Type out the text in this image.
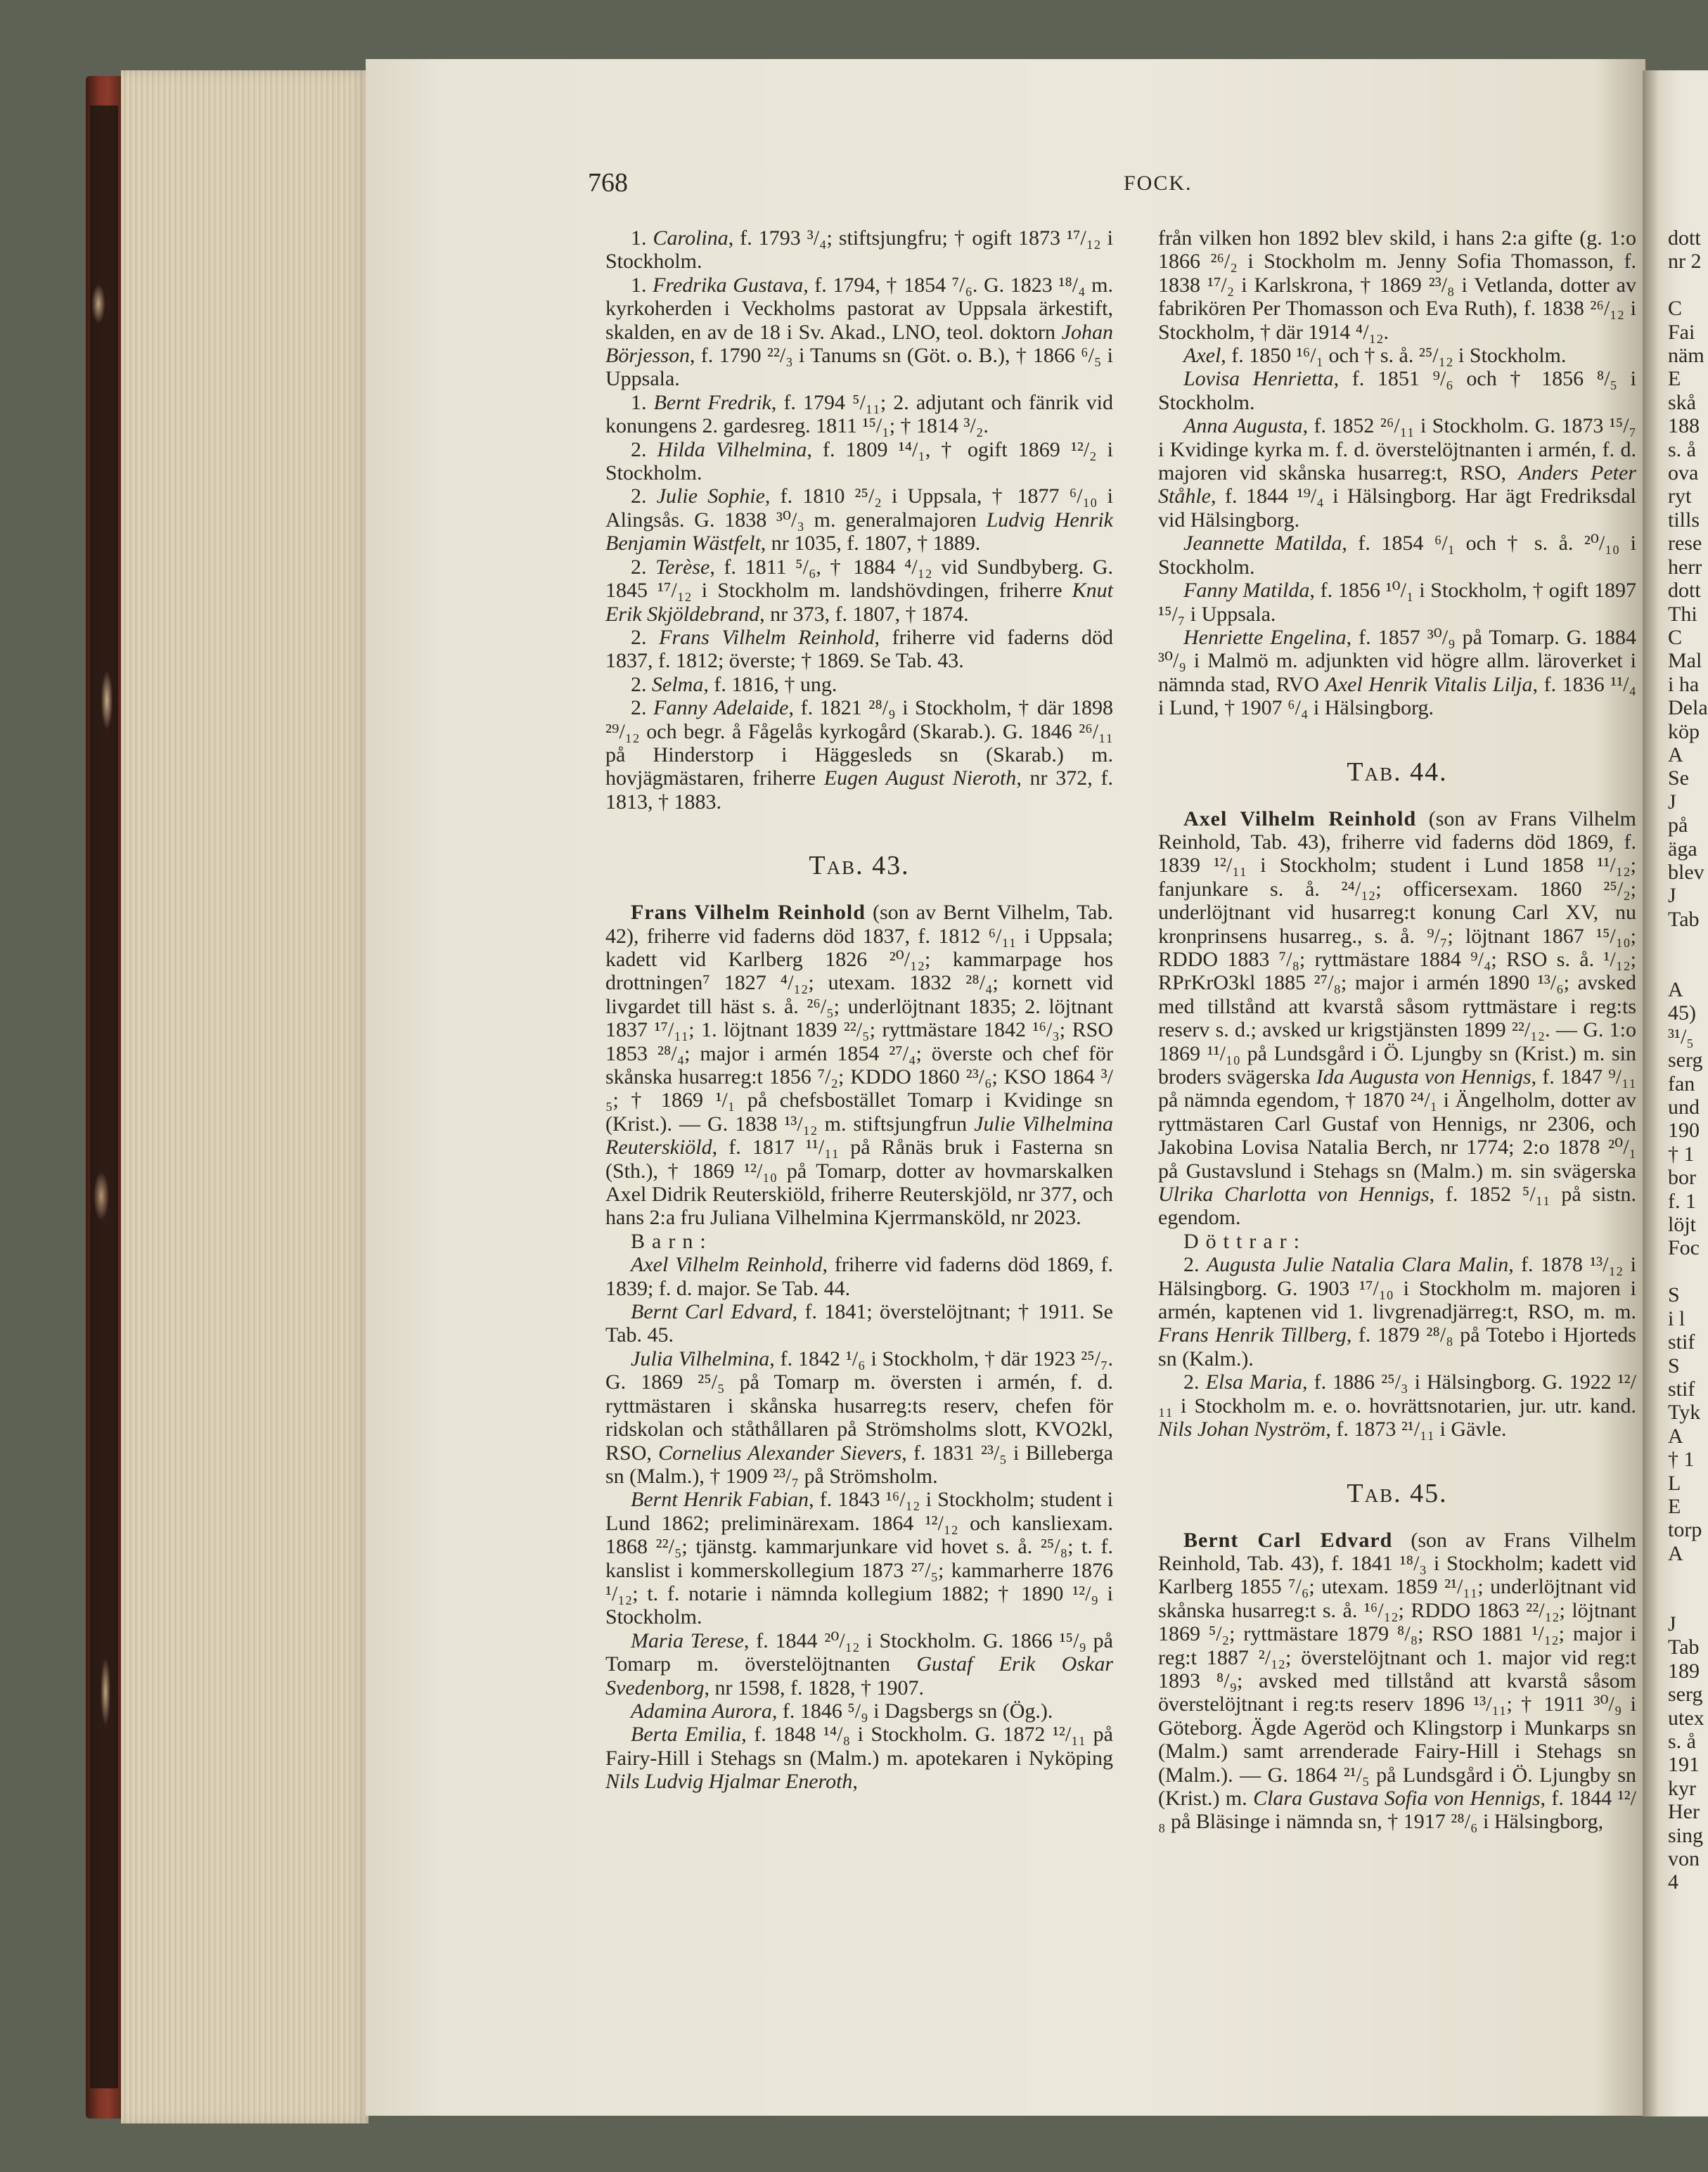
768	FOCK.

1. Carolina, f. 1793 ³/₄; stiftsjungfru; † ogift 1873 ¹⁷/₁₂ i Stockholm.

1. Fredrika Gustava, f. 1794, † 1854 ⁷/₆. G. 1823 ¹⁸/₄ m. kyrkoherden i Veckholms pastorat av Uppsala ärkestift, skalden, en av de 18 i Sv. Akad., LNO, teol. doktorn Johan Börjesson, f. 1790 ²²/₃ i Tanums sn (Göt. o. B.), † 1866 ⁶/₅ i Uppsala.

1. Bernt Fredrik, f. 1794 ⁵/₁₁; 2. adjutant och fänrik vid konungens 2. gardesreg. 1811 ¹⁵/₁; † 1814 ³/₂.

2. Hilda Vilhelmina, f. 1809 ¹⁴/₁, † ogift 1869 ¹²/₂ i Stockholm.

2. Julie Sophie, f. 1810 ²⁵/₂ i Uppsala, † 1877 ⁶/₁₀ i Alingsås. G. 1838 ³⁰/₃ m. generalmajoren Ludvig Henrik Benjamin Wästfelt, nr 1035, f. 1807, † 1889.

2. Terèse, f. 1811 ⁵/₆, † 1884 ⁴/₁₂ vid Sundbyberg. G. 1845 ¹⁷/₁₂ i Stockholm m. landshövdingen, friherre Knut Erik Skjöldebrand, nr 373, f. 1807, † 1874.

2. Frans Vilhelm Reinhold, friherre vid faderns död 1837, f. 1812; överste; † 1869. Se Tab. 43.

2. Selma, f. 1816, † ung.

2. Fanny Adelaide, f. 1821 ²⁸/₉ i Stockholm, † där 1898 ²⁹/₁₂ och begr. å Fågelås kyrkogård (Skarab.). G. 1846 ²⁶/₁₁ på Hinderstorp i Häggesleds sn (Skarab.) m. hovjägmästaren, friherre Eugen August Nieroth, nr 372, f. 1813, † 1883.

Tab. 43.

Frans Vilhelm Reinhold (son av Bernt Vilhelm, Tab. 42), friherre vid faderns död 1837, f. 1812 ⁶/₁₁ i Uppsala; kadett vid Karlberg 1826 ²⁰/₁₂; kammarpage hos drottningen⁷ 1827 ⁴/₁₂; utexam. 1832 ²⁸/₄; kornett vid livgardet till häst s. å. ²⁶/₅; underlöjtnant 1835; 2. löjtnant 1837 ¹⁷/₁₁; 1. löjtnant 1839 ²²/₅; ryttmästare 1842 ¹⁶/₃; RSO 1853 ²⁸/₄; major i armén 1854 ²⁷/₄; överste och chef för skånska husarreg:t 1856 ⁷/₂; KDDO 1860 ²³/₆; KSO 1864 ³/₅; † 1869 ¹/₁ på chefsbostället Tomarp i Kvidinge sn (Krist.). — G. 1838 ¹³/₁₂ m. stiftsjungfrun Julie Vilhelmina Reuterskiöld, f. 1817 ¹¹/₁₁ på Rånäs bruk i Fasterna sn (Sth.), † 1869 ¹²/₁₀ på Tomarp, dotter av hovmarskalken Axel Didrik Reuterskiöld, friherre Reuterskjöld, nr 377, och hans 2:a fru Juliana Vilhelmina Kjerrmansköld, nr 2023.

Barn:

Axel Vilhelm Reinhold, friherre vid faderns död 1869, f. 1839; f. d. major. Se Tab. 44.

Bernt Carl Edvard, f. 1841; överstelöjtnant; † 1911. Se Tab. 45.

Julia Vilhelmina, f. 1842 ¹/₆ i Stockholm, † där 1923 ²⁵/₇. G. 1869 ²⁵/₅ på Tomarp m. översten i armén, f. d. ryttmästaren i skånska husarreg:ts reserv, chefen för ridskolan och ståthållaren på Strömsholms slott, KVO2kl, RSO, Cornelius Alexander Sievers, f. 1831 ²³/₅ i Billeberga sn (Malm.), † 1909 ²³/₇ på Strömsholm.

Bernt Henrik Fabian, f. 1843 ¹⁶/₁₂ i Stockholm; student i Lund 1862; preliminärexam. 1864 ¹²/₁₂ och kansliexam. 1868 ²²/₅; tjänstg. kammarjunkare vid hovet s. å. ²⁵/₈; t. f. kanslist i kommerskollegium 1873 ²⁷/₅; kammarherre 1876 ¹/₁₂; t. f. notarie i nämnda kollegium 1882; † 1890 ¹²/₉ i Stockholm.

Maria Terese, f. 1844 ²⁰/₁₂ i Stockholm. G. 1866 ¹⁵/₉ på Tomarp m. överstelöjtnanten Gustaf Erik Oskar Svedenborg, nr 1598, f. 1828, † 1907.

Adamina Aurora, f. 1846 ⁵/₉ i Dagsbergs sn (Ög.).

Berta Emilia, f. 1848 ¹⁴/₈ i Stockholm. G. 1872 ¹²/₁₁ på Fairy-Hill i Stehags sn (Malm.) m. apotekaren i Nyköping Nils Ludvig Hjalmar Eneroth,

från vilken hon 1892 blev skild, i hans 2:a gifte (g. 1:o 1866 ²⁶/₂ i Stockholm m. Jenny Sofia Thomasson, f. 1838 ¹⁷/₂ i Karlskrona, † 1869 ²³/₈ i Vetlanda, dotter av fabrikören Per Thomasson och Eva Ruth), f. 1838 ²⁶/₁₂ i Stockholm, † där 1914 ⁴/₁₂.

Axel, f. 1850 ¹⁶/₁ och † s. å. ²⁵/₁₂ i Stockholm.

Lovisa Henrietta, f. 1851 ⁹/₆ och † 1856 ⁸/₅ i Stockholm.

Anna Augusta, f. 1852 ²⁶/₁₁ i Stockholm. G. 1873 ¹⁵/₇ i Kvidinge kyrka m. f. d. överstelöjtnanten i armén, f. d. majoren vid skånska husarreg:t, RSO, Anders Peter Ståhle, f. 1844 ¹⁹/₄ i Hälsingborg. Har ägt Fredriksdal vid Hälsingborg.

Jeannette Matilda, f. 1854 ⁶/₁ och † s. å. ²⁰/₁₀ i Stockholm.

Fanny Matilda, f. 1856 ¹⁰/₁ i Stockholm, † ogift 1897 ¹⁵/₇ i Uppsala.

Henriette Engelina, f. 1857 ³⁰/₉ på Tomarp. G. 1884 ³⁰/₉ i Malmö m. adjunkten vid högre allm. läroverket i nämnda stad, RVO Axel Henrik Vitalis Lilja, f. 1836 ¹¹/₄ i Lund, † 1907 ⁶/₄ i Hälsingborg.

Tab. 44.

Axel Vilhelm Reinhold (son av Frans Vilhelm Reinhold, Tab. 43), friherre vid faderns död 1869, f. 1839 ¹²/₁₁ i Stockholm; student i Lund 1858 ¹¹/₁₂; fanjunkare s. å. ²⁴/₁₂; officersexam. 1860 ²⁵/₂; underlöjtnant vid husarreg:t konung Carl XV, nu kronprinsens husarreg., s. å. ⁹/₇; löjtnant 1867 ¹⁵/₁₀; RDDO 1883 ⁷/₈; ryttmästare 1884 ⁹/₄; RSO s. å. ¹/₁₂; RPrKrO3kl 1885 ²⁷/₈; major i armén 1890 ¹³/₆; avsked med tillstånd att kvarstå såsom ryttmästare i reg:ts reserv s. d.; avsked ur krigstjänsten 1899 ²²/₁₂. — G. 1:o 1869 ¹¹/₁₀ på Lundsgård i Ö. Ljungby sn (Krist.) m. sin broders svägerska Ida Augusta von Hennigs, f. 1847 ⁹/₁₁ på nämnda egendom, † 1870 ²⁴/₁ i Ängelholm, dotter av ryttmästaren Carl Gustaf von Hennigs, nr 2306, och Jakobina Lovisa Natalia Berch, nr 1774; 2:o 1878 ²⁰/₁ på Gustavslund i Stehags sn (Malm.) m. sin svägerska Ulrika Charlotta von Hennigs, f. 1852 ⁵/₁₁ på sistn. egendom.

Döttrar:

2. Augusta Julie Natalia Clara Malin, f. 1878 ¹³/₁₂ i Hälsingborg. G. 1903 ¹⁷/₁₀ i Stockholm m. majoren i armén, kaptenen vid 1. livgrenadjärreg:t, RSO, m. m. Frans Henrik Tillberg, f. 1879 ²⁸/₈ på Totebo i Hjorteds sn (Kalm.).

2. Elsa Maria, f. 1886 ²⁵/₃ i Hälsingborg. G. 1922 ¹²/₁₁ i Stockholm m. e. o. hovrättsnotarien, jur. utr. kand. Nils Johan Nyström, f. 1873 ²¹/₁₁ i Gävle.

Tab. 45.

Bernt Carl Edvard (son av Frans Vilhelm Reinhold, Tab. 43), f. 1841 ¹⁸/₃ i Stockholm; kadett vid Karlberg 1855 ⁷/₆; utexam. 1859 ²¹/₁₁; underlöjtnant vid skånska husarreg:t s. å. ¹⁶/₁₂; RDDO 1863 ²²/₁₂; löjtnant 1869 ⁵/₂; ryttmästare 1879 ⁸/₈; RSO 1881 ¹/₁₂; major i reg:t 1887 ²/₁₂; överstelöjtnant och 1. major vid reg:t 1893 ⁸/₉; avsked med tillstånd att kvarstå såsom överstelöjtnant i reg:ts reserv 1896 ¹³/₁₁; † 1911 ³⁰/₉ i Göteborg. Ägde Ageröd och Klingstorp i Munkarps sn (Malm.) samt arrenderade Fairy-Hill i Stehags sn (Malm.). — G. 1864 ²¹/₅ på Lundsgård i Ö. Ljungby sn (Krist.) m. Clara Gustava Sofia von Hennigs, f. 1844 ¹²/₈ på Bläsinge i nämnda sn, † 1917 ²⁸/₆ i Hälsingborg,

dott
nr 2

C
Fai
näm
E
skå
188
s. å
ova
ryt
tills
rese
herr
dott
Thi
C
Mal
i ha
Dela
köp
A
Se
J
på
äga
blev
J
Tab

A
45)
³¹/₅
serg
fan
und
190
† 1
bor
f. 1
löjt
Foc

S
i l
stif
S
stif
Tyk
A
† 1
L
E
torp
A

J
Tab
189
serg
utex
s. å
191
kyr
Her
sing
von
4
